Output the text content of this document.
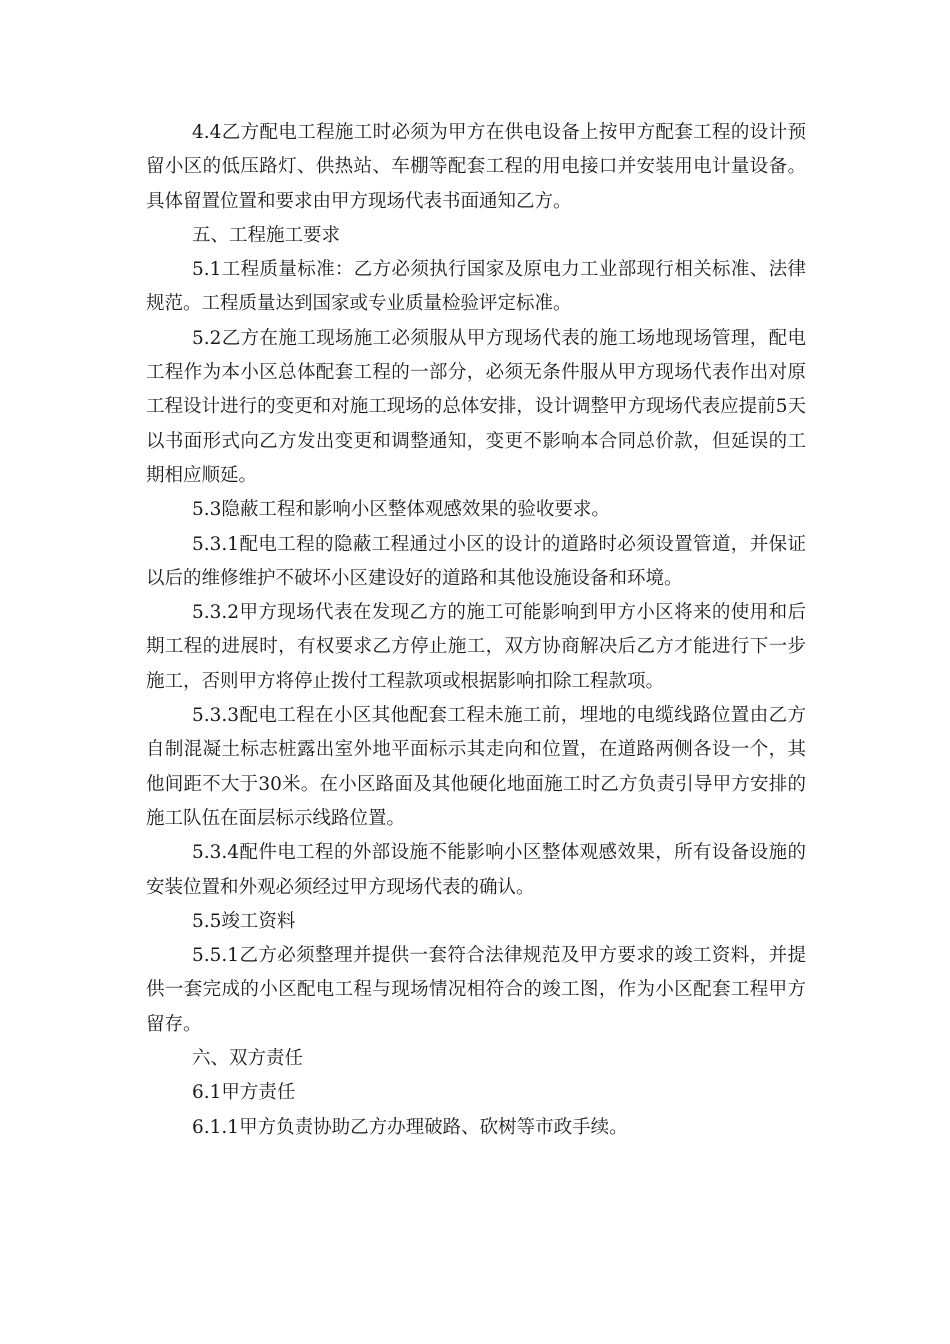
4.4乙方配电工程施工时必须为甲方在供电设备上按甲方配套工程的设计预留小区的低压路灯、供热站、车棚等配套工程的用电接口并安装用电计量设备。具体留置位置和要求由甲方现场代表书面通知乙方。

五、工程施工要求

5.1工程质量标准：乙方必须执行国家及原电力工业部现行相关标准、法律规范。工程质量达到国家或专业质量检验评定标准。

5.2乙方在施工现场施工必须服从甲方现场代表的施工场地现场管理，配电工程作为本小区总体配套工程的一部分，必须无条件服从甲方现场代表作出对原工程设计进行的变更和对施工现场的总体安排，设计调整甲方现场代表应提前5天以书面形式向乙方发出变更和调整通知，变更不影响本合同总价款，但延误的工期相应顺延。

5.3隐蔽工程和影响小区整体观感效果的验收要求。

5.3.1配电工程的隐蔽工程通过小区的设计的道路时必须设置管道，并保证以后的维修维护不破坏小区建设好的道路和其他设施设备和环境。

5.3.2甲方现场代表在发现乙方的施工可能影响到甲方小区将来的使用和后期工程的进展时，有权要求乙方停止施工，双方协商解决后乙方才能进行下一步施工，否则甲方将停止拨付工程款项或根据影响扣除工程款项。

5.3.3配电工程在小区其他配套工程未施工前，埋地的电缆线路位置由乙方自制混凝土标志桩露出室外地平面标示其走向和位置，在道路两侧各设一个，其他间距不大于30米。在小区路面及其他硬化地面施工时乙方负责引导甲方安排的施工队伍在面层标示线路位置。

5.3.4配件电工程的外部设施不能影响小区整体观感效果，所有设备设施的安装位置和外观必须经过甲方现场代表的确认。

5.5竣工资料

5.5.1乙方必须整理并提供一套符合法律规范及甲方要求的竣工资料，并提供一套完成的小区配电工程与现场情况相符合的竣工图，作为小区配套工程甲方留存。

六、双方责任

6.1甲方责任

6.1.1甲方负责协助乙方办理破路、砍树等市政手续。
